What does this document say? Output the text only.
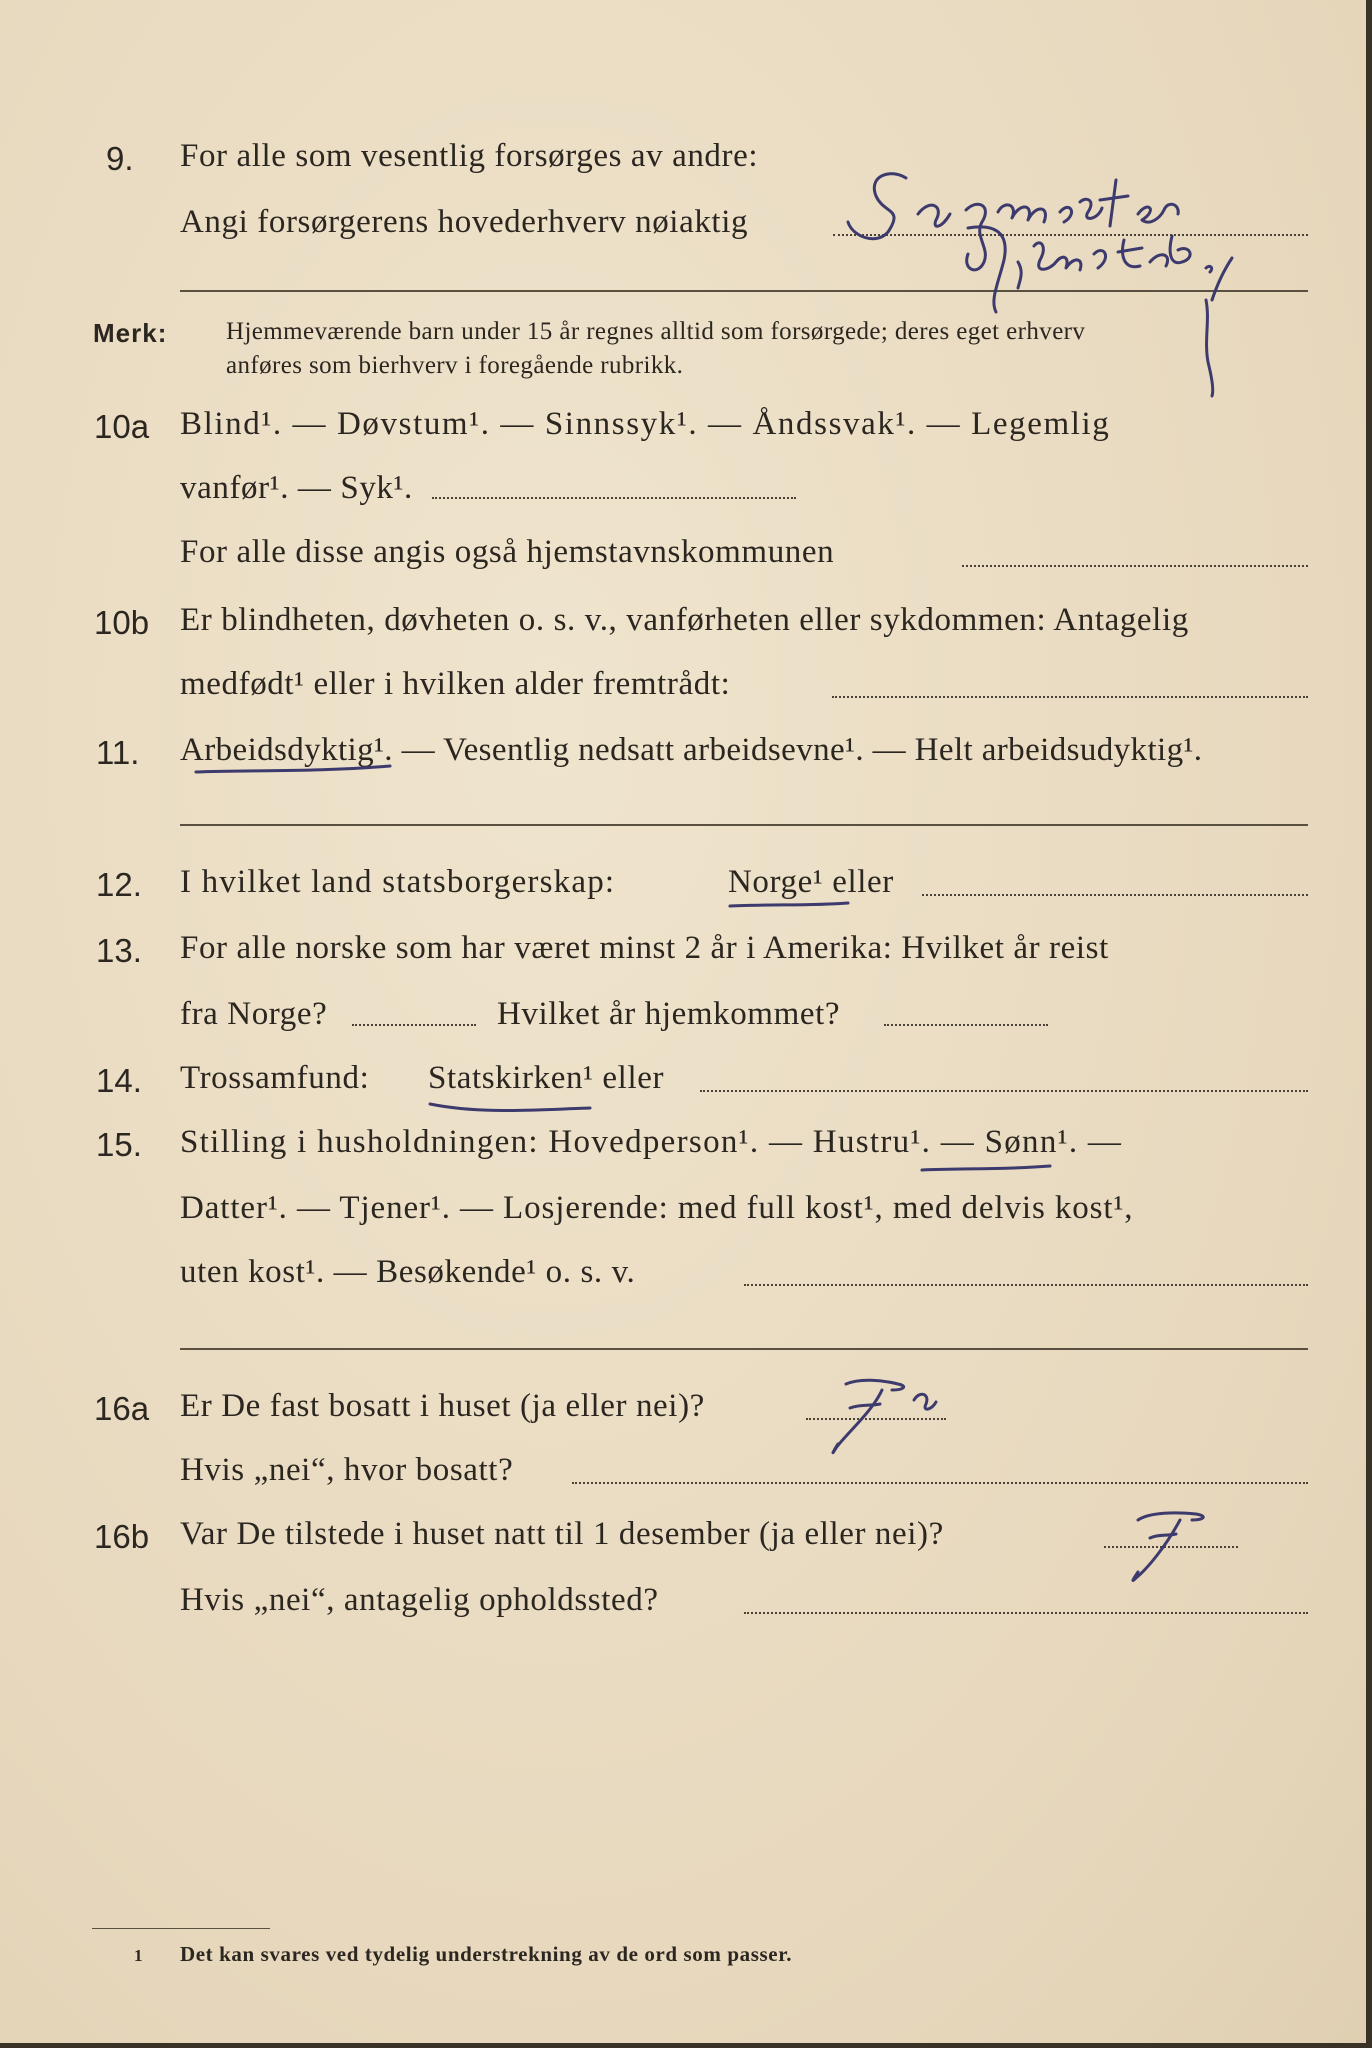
9. For alle som vesentlig forsørges av andre:
Angi forsørgerens hovederhverv nøiaktig
Merk: Hjemmeværende barn under 15 år regnes alltid som forsørgede; deres eget erhverv
anføres som bierhverv i foregående rubrikk.
10a Blind¹. — Døvstum¹. — Sinnssyk¹. — Åndssvak¹. — Legemlig
vanfør¹. — Syk¹.
For alle disse angis også hjemstavnskommunen
10b Er blindheten, døvheten o. s. v., vanførheten eller sykdommen: Antagelig
medfødt¹ eller i hvilken alder fremtrådt:
11. Arbeidsdyktig¹. — Vesentlig nedsatt arbeidsevne¹. — Helt arbeidsudyktig¹.
12. I hvilket land statsborgerskap:	Norge¹ eller
13. For alle norske som har været minst 2 år i Amerika: Hvilket år reist
fra Norge?	Hvilket år hjemkommet?
14. Trossamfund: Statskirken¹ eller
15. Stilling i husholdningen: Hovedperson¹. — Hustru¹. — Sønn¹. —
Datter¹. — Tjener¹. — Losjerende: med full kost¹, med delvis kost¹,
uten kost¹. — Besøkende¹ o. s. v.
16a Er De fast bosatt i huset (ja eller nei)?
Hvis „nei“, hvor bosatt?
16b Var De tilstede i huset natt til 1 desember (ja eller nei)?
Hvis „nei“, antagelig opholdssted?
1 Det kan svares ved tydelig understrekning av de ord som passer.
